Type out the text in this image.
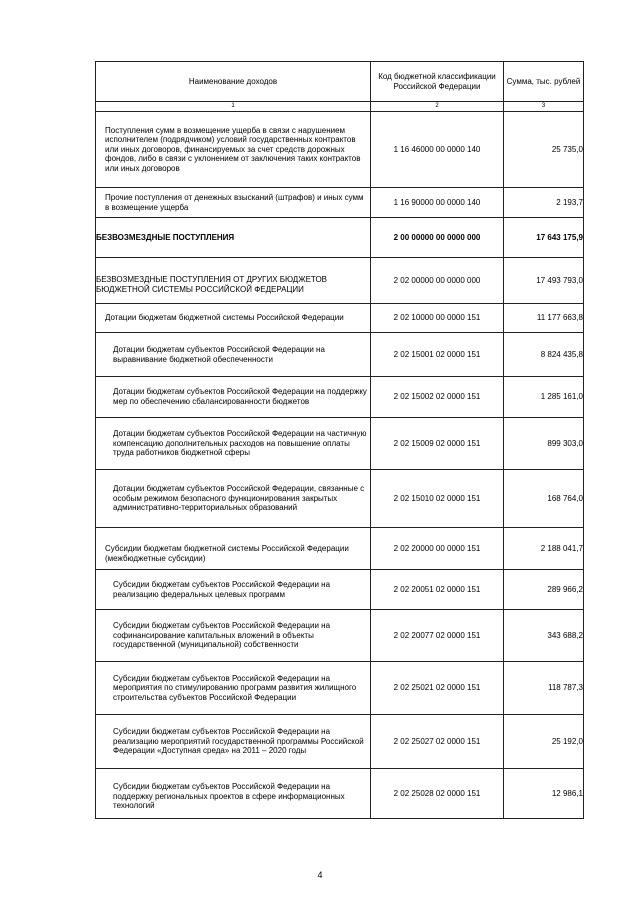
Наименование доходов	Код бюджетной классификации Российской Федерации	Сумма, тыс. рублей
1	2	3
Поступления сумм в возмещение ущерба в связи с нарушением исполнителем (подрядчиком) условий государственных контрактов или иных договоров, финансируемых за счет средств дорожных фондов, либо в связи с уклонением от заключения таких контрактов или иных договоров	1 16 46000 00 0000 140	25 735,0
Прочие поступления от денежных взысканий (штрафов) и иных сумм в возмещение ущерба	1 16 90000 00 0000 140	2 193,7
БЕЗВОЗМЕЗДНЫЕ ПОСТУПЛЕНИЯ	2 00 00000 00 0000 000	17 643 175,9
БЕЗВОЗМЕЗДНЫЕ ПОСТУПЛЕНИЯ ОТ ДРУГИХ БЮДЖЕТОВ БЮДЖЕТНОЙ СИСТЕМЫ РОССИЙСКОЙ ФЕДЕРАЦИИ	2 02 00000 00 0000 000	17 493 793,0
Дотации бюджетам бюджетной системы Российской Федерации	2 02 10000 00 0000 151	11 177 663,8
Дотации бюджетам субъектов Российской Федерации на выравнивание бюджетной обеспеченности	2 02 15001 02 0000 151	8 824 435,8
Дотации бюджетам субъектов Российской Федерации на поддержку мер по обеспечению сбалансированности бюджетов	2 02 15002 02 0000 151	1 285 161,0
Дотации бюджетам субъектов Российской Федерации на частичную компенсацию дополнительных расходов на повышение оплаты труда работников бюджетной сферы	2 02 15009 02 0000 151	899 303,0
Дотации бюджетам субъектов Российской Федерации, связанные с особым режимом безопасного функционирования закрытых административно-территориальных образований	2 02 15010 02 0000 151	168 764,0
Субсидии бюджетам бюджетной системы Российской Федерации (межбюджетные субсидии)	2 02 20000 00 0000 151	2 188 041,7
Субсидии бюджетам субъектов Российской Федерации на реализацию федеральных целевых программ	2 02 20051 02 0000 151	289 966,2
Субсидии бюджетам субъектов Российской Федерации на софинансирование капитальных вложений в объекты государственной (муниципальной) собственности	2 02 20077 02 0000 151	343 688,2
Субсидии бюджетам субъектов Российской Федерации на мероприятия по стимулированию программ развития жилищного строительства субъектов Российской Федерации	2 02 25021 02 0000 151	118 787,3
Субсидии бюджетам субъектов Российской Федерации на реализацию мероприятий государственной программы Российской Федерации «Доступная среда» на 2011 – 2020 годы	2 02 25027 02 0000 151	25 192,0
Субсидии бюджетам субъектов Российской Федерации на поддержку региональных проектов в сфере информационных технологий	2 02 25028 02 0000 151	12 986,1
4
